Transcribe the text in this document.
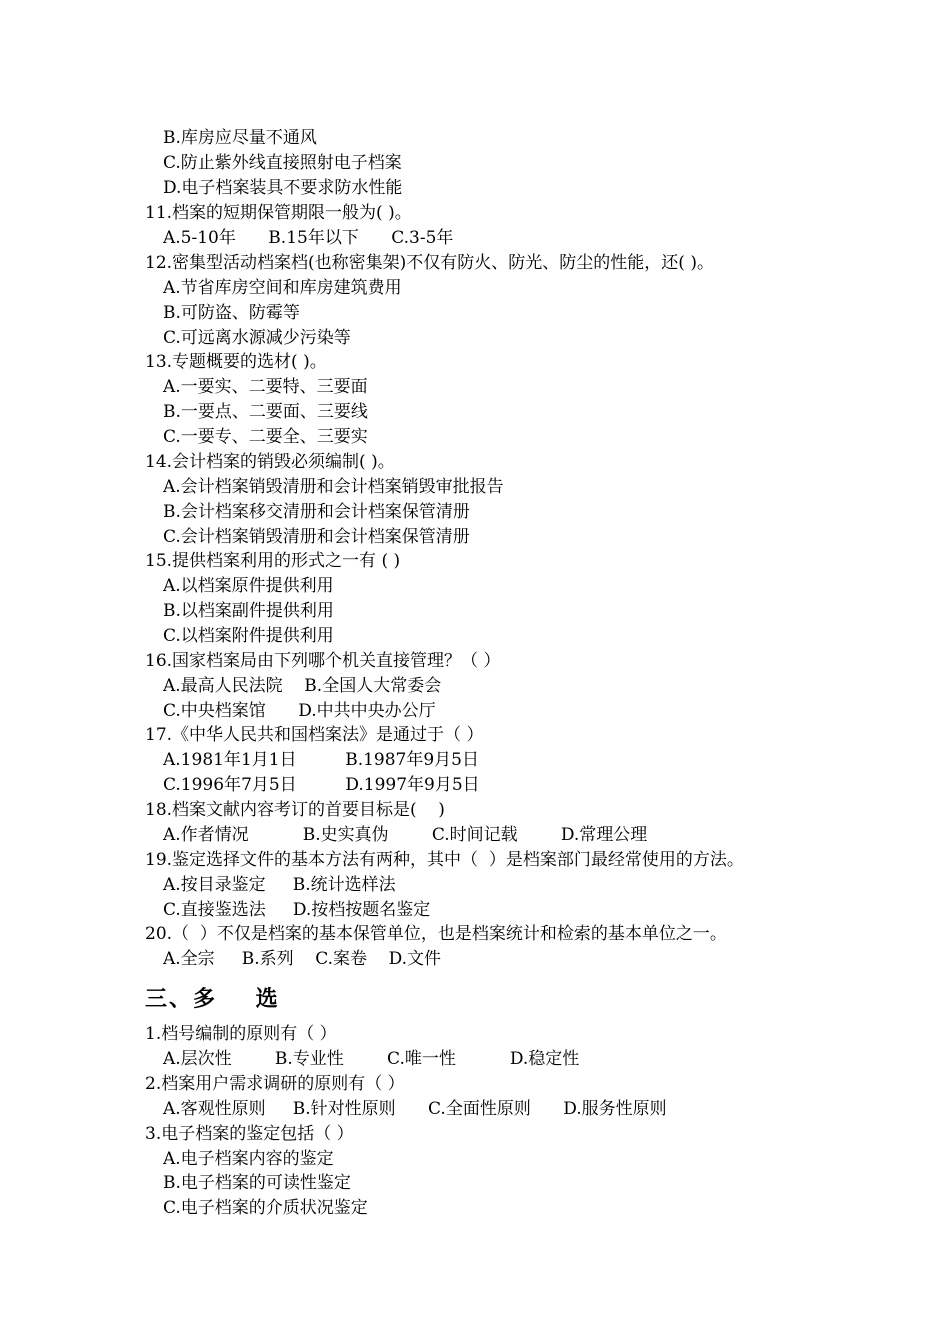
B.库房应尽量不通风
C.防止紫外线直接照射电子档案
D.电子档案装具不要求防水性能
11.档案的短期保管期限一般为( )。
A.5-10年      B.15年以下      C.3-5年
12.密集型活动档案档(也称密集架)不仅有防火、防光、防尘的性能，还( )。
A.节省库房空间和库房建筑费用
B.可防盗、防霉等
C.可远离水源减少污染等
13.专题概要的选材( )。
A.一要实、二要特、三要面
B.一要点、二要面、三要线
C.一要专、二要全、三要实
14.会计档案的销毁必须编制( )。
A.会计档案销毁清册和会计档案销毁审批报告
B.会计档案移交清册和会计档案保管清册
C.会计档案销毁清册和会计档案保管清册
15.提供档案利用的形式之一有 ( )
A.以档案原件提供利用
B.以档案副件提供利用
C.以档案附件提供利用
16.国家档案局由下列哪个机关直接管理？（ ）
A.最高人民法院    B.全国人大常委会
C.中央档案馆      D.中共中央办公厅
17.《中华人民共和国档案法》是通过于（ ）
A.1981年1月1日         B.1987年9月5日
C.1996年7月5日         D.1997年9月5日
18.档案文献内容考订的首要目标是(    )
A.作者情况          B.史实真伪        C.时间记载        D.常理公理
19.鉴定选择文件的基本方法有两种，其中（  ）是档案部门最经常使用的方法。
A.按目录鉴定     B.统计选样法
C.直接鉴选法     D.按档按题名鉴定
20.（  ）不仅是档案的基本保管单位，也是档案统计和检索的基本单位之一。
A.全宗     B.系列    C.案卷    D.文件
三、多    选
1.档号编制的原则有（ ）
A.层次性        B.专业性        C.唯一性          D.稳定性
2.档案用户需求调研的原则有（ ）
A.客观性原则     B.针对性原则      C.全面性原则      D.服务性原则
3.电子档案的鉴定包括（ ）
A.电子档案内容的鉴定
B.电子档案的可读性鉴定
C.电子档案的介质状况鉴定
